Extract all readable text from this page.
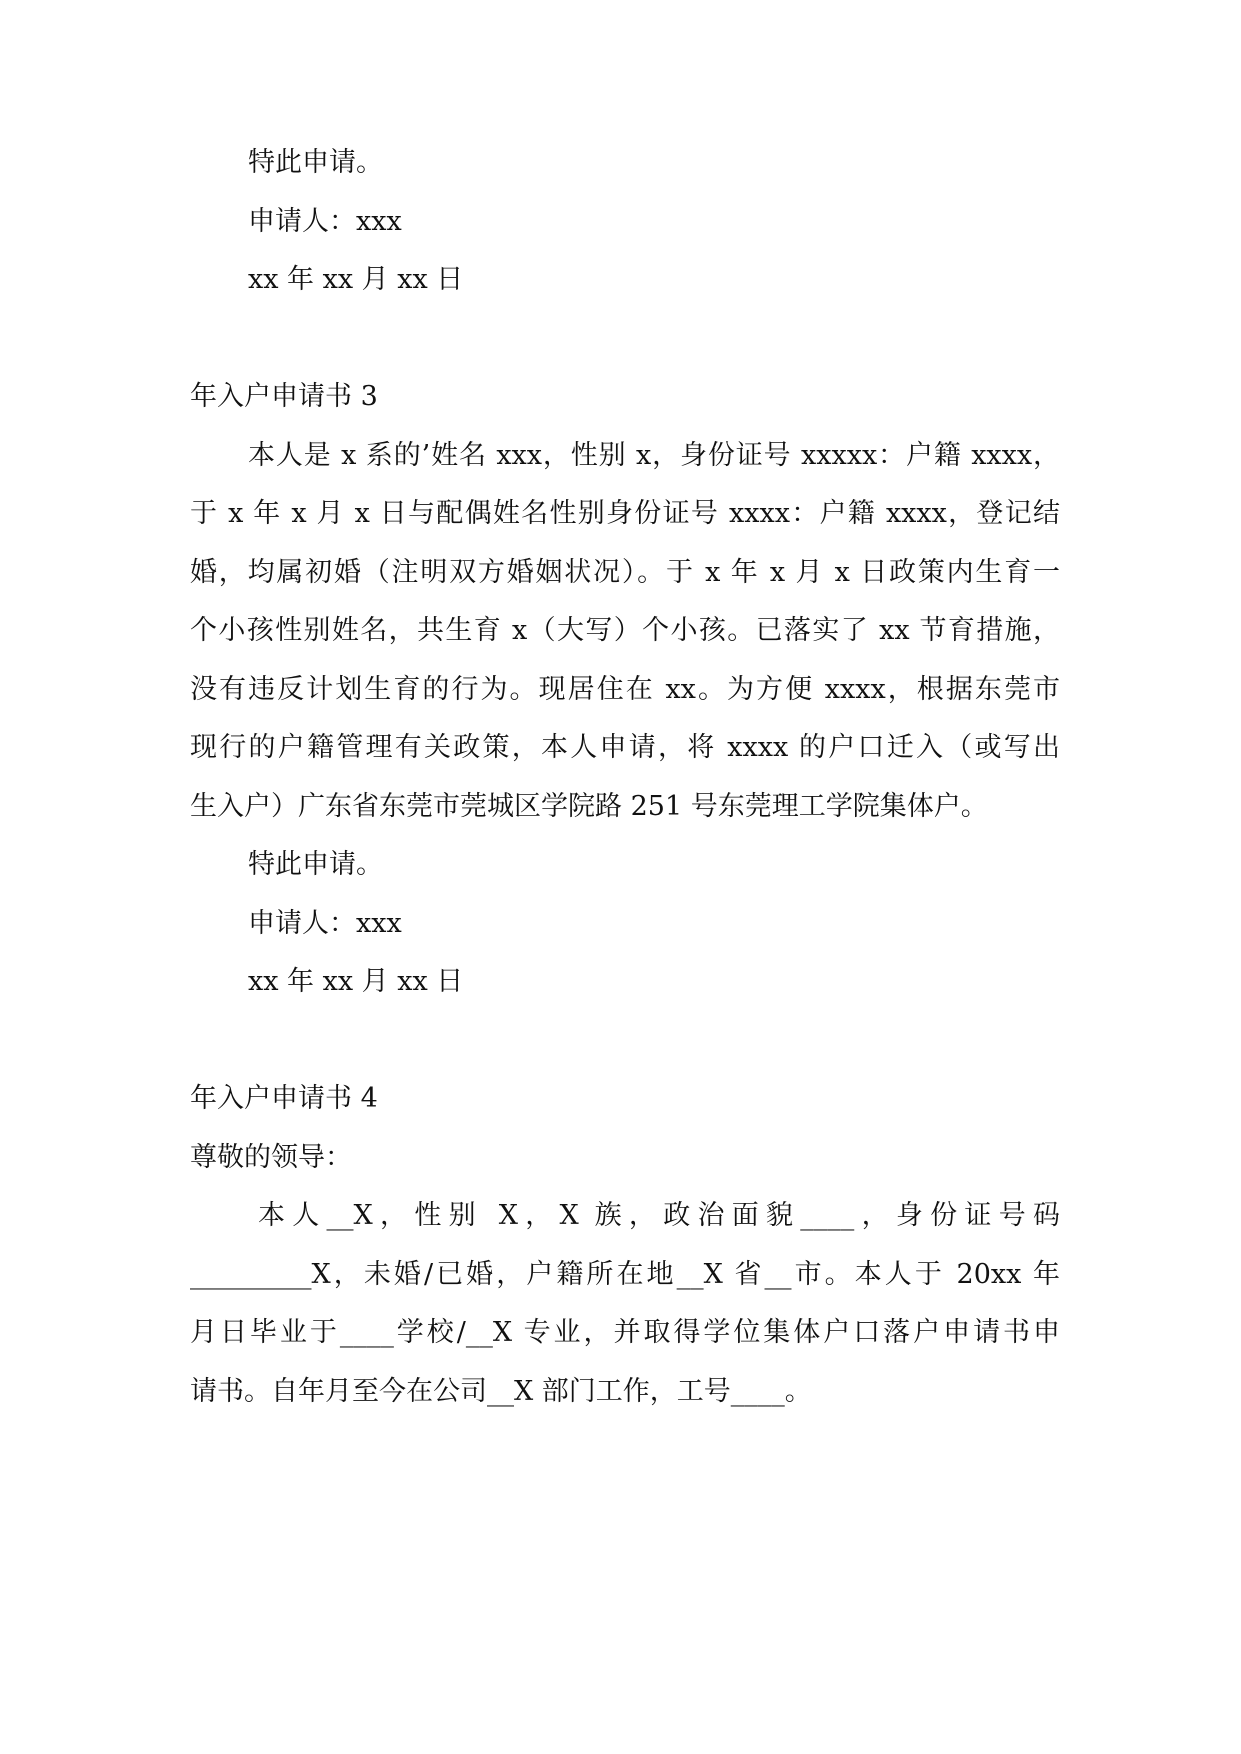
特此申请。
申请人：xxx
xx 年 xx 月 xx 日
年入户申请书 3
本人是 x 系的’姓名 xxx，性别 x，身份证号 xxxxx：户籍 xxxx，
于 x 年 x 月 x 日与配偶姓名性别身份证号 xxxx：户籍 xxxx，登记结
婚，均属初婚（注明双方婚姻状况）。于 x 年 x 月 x 日政策内生育一
个小孩性别姓名，共生育 x（大写）个小孩。已落实了 xx 节育措施，
没有违反计划生育的行为。现居住在 xx。为方便 xxxx，根据东莞市
现行的户籍管理有关政策，本人申请，将 xxxx 的户口迁入（或写出
生入户）广东省东莞市莞城区学院路 251 号东莞理工学院集体户。
特此申请。
申请人：xxx
xx 年 xx 月 xx 日
年入户申请书 4
尊敬的领导：
本人__X，性别 X，X 族，政治面貌____，身份证号码
_________X，未婚/已婚，户籍所在地__X 省__市。本人于 20xx 年
月日毕业于____学校/__X 专业，并取得学位集体户口落户申请书申
请书。自年月至今在公司__X 部门工作，工号____。
